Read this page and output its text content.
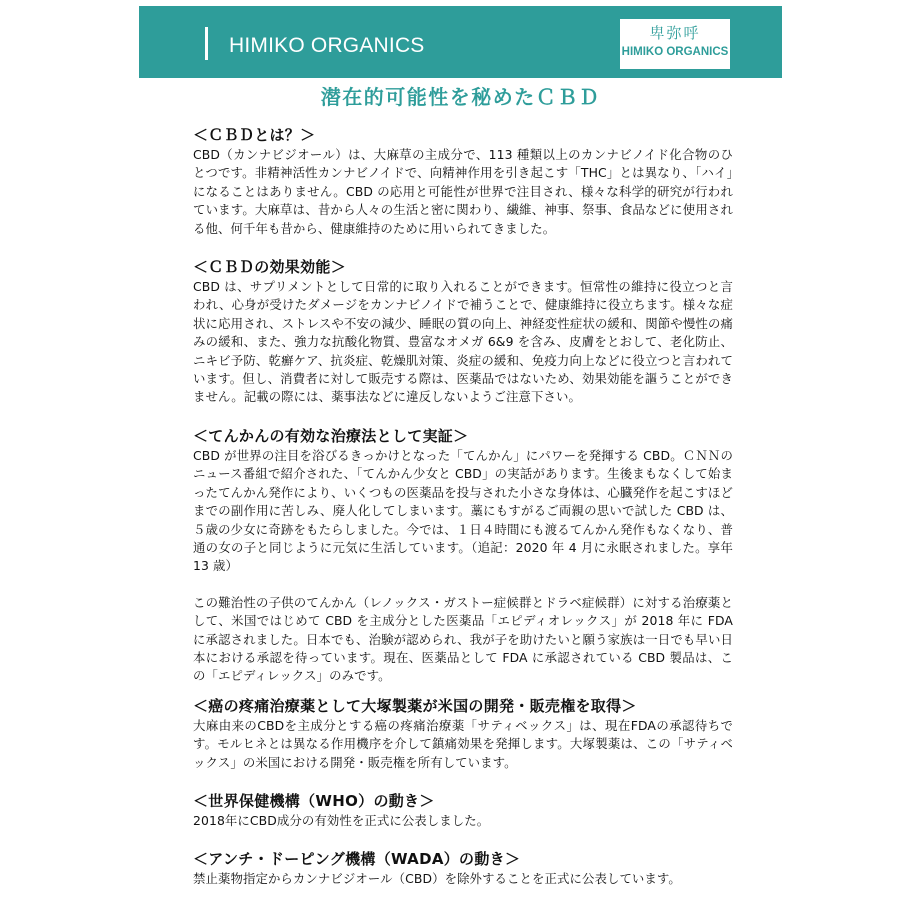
HIMIKO ORGANICS
卑弥呼
HIMIKO ORGANICS
潜在的可能性を秘めたＣＢＤ
＜ＣＢＤとは？＞

CBD（カンナビジオール）は、大麻草の主成分で、113 種類以上のカンナビノイド化合物のひとつです。非精神活性カンナビノイドで、向精神作用を引き起こす「THC」とは異なり、「ハイ」になることはありません。CBD の応用と可能性が世界で注目され、様々な科学的研究が行われています。大麻草は、昔から人々の生活と密に関わり、繊維、神事、祭事、食品などに使用される他、何千年も昔から、健康維持のために用いられてきました。

＜ＣＢＤの効果効能＞

CBD は、サプリメントとして日常的に取り入れることができます。恒常性の維持に役立つと言われ、心身が受けたダメージをカンナビノイドで補うことで、健康維持に役立ちます。様々な症状に応用され、ストレスや不安の減少、睡眠の質の向上、神経変性症状の緩和、関節や慢性の痛みの緩和、また、強力な抗酸化物質、豊富なオメガ 6&9 を含み、皮膚をとおして、老化防止、ニキビ予防、乾癬ケア、抗炎症、乾燥肌対策、炎症の緩和、免疫力向上などに役立つと言われています。但し、消費者に対して販売する際は、医薬品ではないため、効果効能を謳うことができません。記載の際には、薬事法などに違反しないようご注意下さい。

＜てんかんの有効な治療法として実証＞

CBD が世界の注目を浴びるきっかけとなった「てんかん」にパワーを発揮する CBD。ＣＮＮのニュース番組で紹介された、「てんかん少女と CBD」の実話があります。生後まもなくして始まったてんかん発作により、いくつもの医薬品を投与された小さな身体は、心臓発作を起こすほどまでの副作用に苦しみ、廃人化してしまいます。藁にもすがるご両親の思いで試した CBD は、５歳の少女に奇跡をもたらしました。今では、１日４時間にも渡るてんかん発作もなくなり、普通の女の子と同じように元気に生活しています。（追記：2020 年 4 月に永眠されました。享年 13 歳）

この難治性の子供のてんかん（レノックス・ガストー症候群とドラベ症候群）に対する治療薬として、米国ではじめて CBD を主成分とした医薬品「エピディオレックス」が 2018 年に FDA に承認されました。日本でも、治験が認められ、我が子を助けたいと願う家族は一日でも早い日本における承認を待っています。現在、医薬品として FDA に承認されている CBD 製品は、この「エピディレックス」のみです。

＜癌の疼痛治療薬として大塚製薬が米国の開発・販売権を取得＞

大麻由来のCBDを主成分とする癌の疼痛治療薬「サティベックス」は、現在FDAの承認待ちです。モルヒネとは異なる作用機序を介して鎮痛効果を発揮します。大塚製薬は、この「サティベックス」の米国における開発・販売権を所有しています。

＜世界保健機構（WHO）の動き＞

2018年にCBD成分の有効性を正式に公表しました。

＜アンチ・ドーピング機構（WADA）の動き＞

禁止薬物指定からカンナビジオール（CBD）を除外することを正式に公表しています。
